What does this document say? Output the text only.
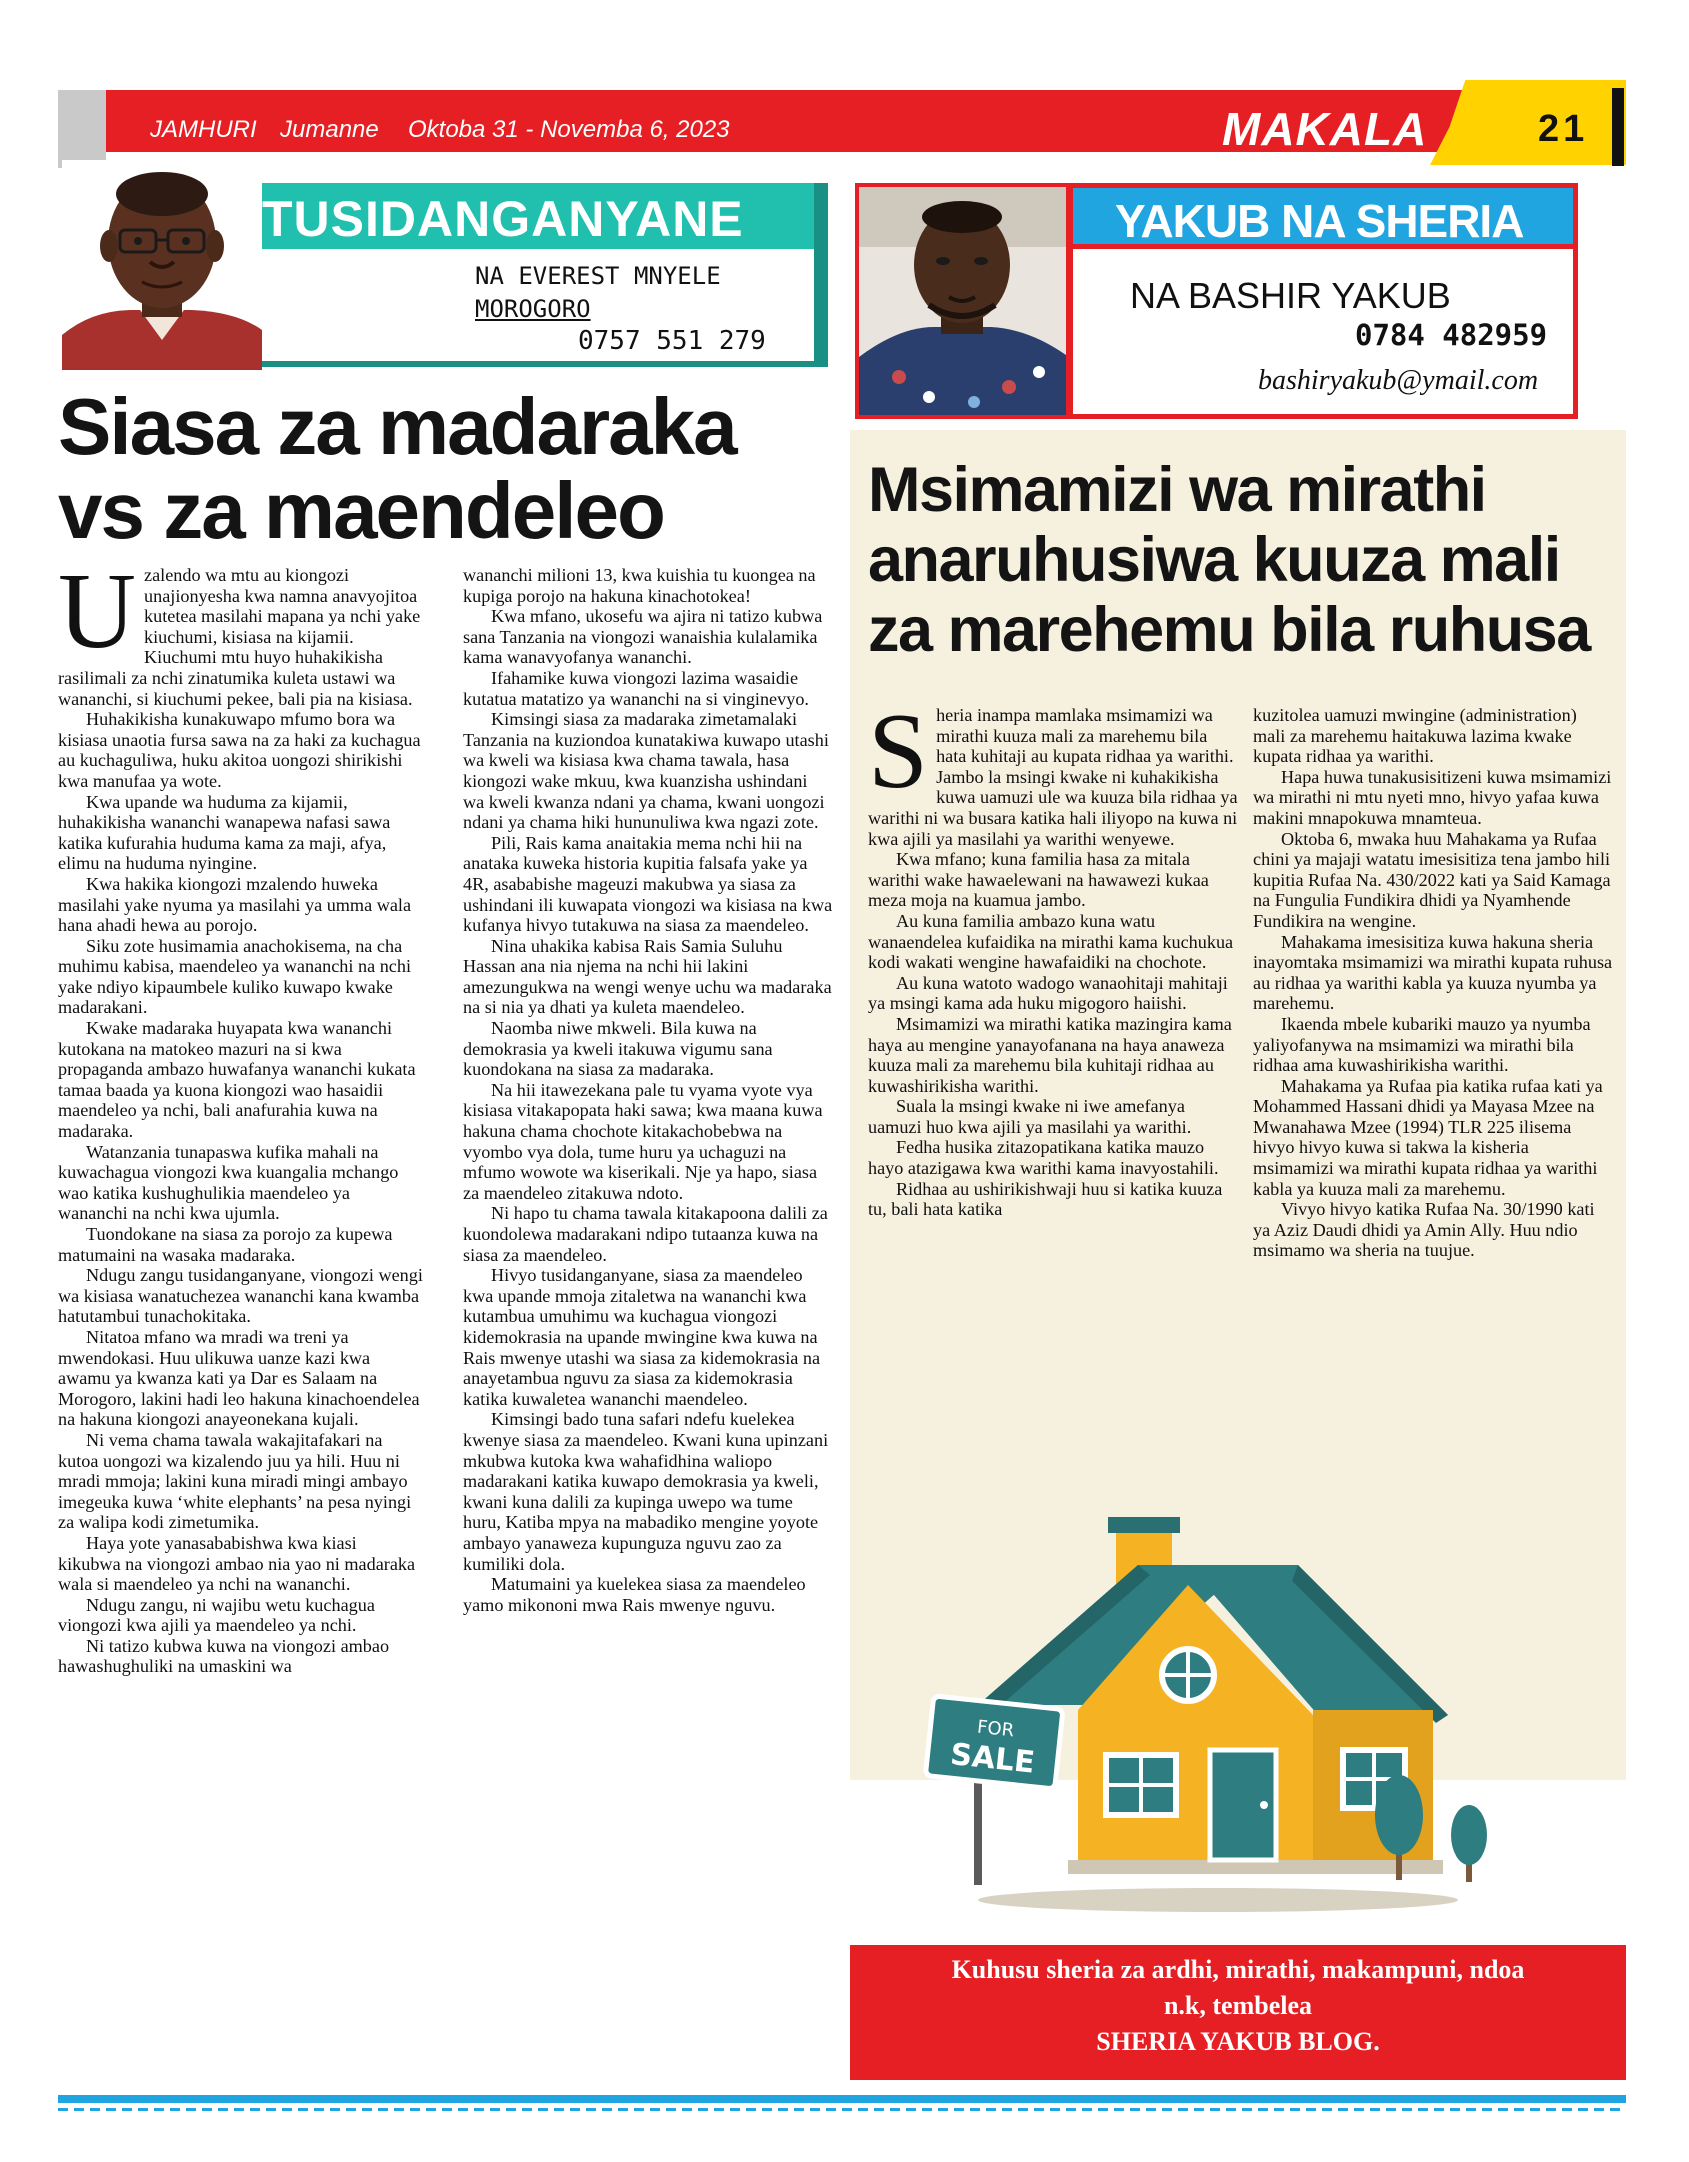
JAMHURI Jumanne Oktoba 31 - Novemba 6, 2023	MAKALA	21
TUSIDANGANYANE
NA EVEREST MNYELE
MOROGORO
0757 551 279
Siasa za madaraka vs za maendeleo

Uzalendo wa mtu au kiongozi unajionyesha kwa namna anavyojitoa kutetea masilahi mapana ya nchi yake kiuchumi, kisiasa na kijamii.

Kiuchumi mtu huyo huhakikisha rasilimali za nchi zinatumika kuleta ustawi wa wananchi, si kiuchumi pekee, bali pia na kisiasa.

Huhakikisha kunakuwapo mfumo bora wa kisiasa unaotia fursa sawa na za haki za kuchagua au kuchaguliwa, huku akitoa uongozi shirikishi kwa manufaa ya wote.

Kwa upande wa huduma za kijamii, huhakikisha wananchi wanapewa nafasi sawa katika kufurahia huduma kama za maji, afya, elimu na huduma nyingine.

Kwa hakika kiongozi mzalendo huweka masilahi yake nyuma ya masilahi ya umma wala hana ahadi hewa au porojo.

Siku zote husimamia anachokisema, na cha muhimu kabisa, maendeleo ya wananchi na nchi yake ndiyo kipaumbele kuliko kuwapo kwake madarakani.

Kwake madaraka huyapata kwa wananchi kutokana na matokeo mazuri na si kwa propaganda ambazo huwafanya wananchi kukata tamaa baada ya kuona kiongozi wao hasaidii maendeleo ya nchi, bali anafurahia kuwa na madaraka.

Watanzania tunapaswa kufika mahali na kuwachagua viongozi kwa kuangalia mchango wao katika kushughulikia maendeleo ya wananchi na nchi kwa ujumla.

Tuondokane na siasa za porojo za kupewa matumaini na wasaka madaraka.

Ndugu zangu tusidanganyane, viongozi wengi wa kisiasa wanatuchezea wananchi kana kwamba hatutambui tunachokitaka.

Nitatoa mfano wa mradi wa treni ya mwendokasi. Huu ulikuwa uanze kazi kwa awamu ya kwanza kati ya Dar es Salaam na Morogoro, lakini hadi leo hakuna kinachoendelea na hakuna kiongozi anayeonekana kujali.

Ni vema chama tawala wakajitafakari na kutoa uongozi wa kizalendo juu ya hili. Huu ni mradi mmoja; lakini kuna miradi mingi ambayo imegeuka kuwa ‘white elephants’ na pesa nyingi za walipa kodi zimetumika.

Haya yote yanasababishwa kwa kiasi kikubwa na viongozi ambao nia yao ni madaraka wala si maendeleo ya nchi na wananchi.

Ndugu zangu, ni wajibu wetu kuchagua viongozi kwa ajili ya maendeleo ya nchi.

Ni tatizo kubwa kuwa na viongozi ambao hawashughuliki na umaskini wa

wananchi milioni 13, kwa kuishia tu kuongea na kupiga porojo na hakuna kinachotokea!

Kwa mfano, ukosefu wa ajira ni tatizo kubwa sana Tanzania na viongozi wanaishia kulalamika kama wanavyofanya wananchi.

Ifahamike kuwa viongozi lazima wasaidie kutatua matatizo ya wananchi na si vinginevyo.

Kimsingi siasa za madaraka zimetamalaki Tanzania na kuziondoa kunatakiwa kuwapo utashi wa kweli wa kisiasa kwa chama tawala, hasa kiongozi wake mkuu, kwa kuanzisha ushindani wa kweli kwanza ndani ya chama, kwani uongozi ndani ya chama hiki hununuliwa kwa ngazi zote.

Pili, Rais kama anaitakia mema nchi hii na anataka kuweka historia kupitia falsafa yake ya 4R, asababishe mageuzi makubwa ya siasa za ushindani ili kuwapata viongozi wa kisiasa na kwa kufanya hivyo tutakuwa na siasa za maendeleo.

Nina uhakika kabisa Rais Samia Suluhu Hassan ana nia njema na nchi hii lakini amezungukwa na wengi wenye uchu wa madaraka na si nia ya dhati ya kuleta maendeleo.

Naomba niwe mkweli. Bila kuwa na demokrasia ya kweli itakuwa vigumu sana kuondokana na siasa za madaraka.

Na hii itawezekana pale tu vyama vyote vya kisiasa vitakapopata haki sawa; kwa maana kuwa hakuna chama chochote kitakachobebwa na vyombo vya dola, tume huru ya uchaguzi na mfumo wowote wa kiserikali. Nje ya hapo, siasa za maendeleo zitakuwa ndoto.

Ni hapo tu chama tawala kitakapoona dalili za kuondolewa madarakani ndipo tutaanza kuwa na siasa za maendeleo.

Hivyo tusidanganyane, siasa za maendeleo kwa upande mmoja zitaletwa na wananchi kwa kutambua umuhimu wa kuchagua viongozi kidemokrasia na upande mwingine kwa kuwa na Rais mwenye utashi wa siasa za kidemokrasia na anayetambua nguvu za siasa za kidemokrasia katika kuwaletea wananchi maendeleo.

Kimsingi bado tuna safari ndefu kuelekea kwenye siasa za maendeleo. Kwani kuna upinzani mkubwa kutoka kwa wahafidhina waliopo madarakani katika kuwapo demokrasia ya kweli, kwani kuna dalili za kupinga uwepo wa tume huru, Katiba mpya na mabadiko mengine yoyote ambayo yanaweza kupunguza nguvu zao za kumiliki dola.

Matumaini ya kuelekea siasa za maendeleo yamo mikononi mwa Rais mwenye nguvu.

YAKUB NA SHERIA
NA BASHIR YAKUB
0784 482959
bashiryakub@ymail.com
Msimamizi wa mirathi anaruhusiwa kuuza mali za marehemu bila ruhusa

Sheria inampa mamlaka msimamizi wa mirathi kuuza mali za marehemu bila hata kuhitaji au kupata ridhaa ya warithi.

Jambo la msingi kwake ni kuhakikisha kuwa uamuzi ule wa kuuza bila ridhaa ya warithi ni wa busara katika hali iliyopo na kuwa ni kwa ajili ya masilahi ya warithi wenyewe.

Kwa mfano; kuna familia hasa za mitala warithi wake hawaelewani na hawawezi kukaa meza moja na kuamua jambo.

Au kuna familia ambazo kuna watu wanaendelea kufaidika na mirathi kama kuchukua kodi wakati wengine hawafaidiki na chochote.

Au kuna watoto wadogo wanaohitaji mahitaji ya msingi kama ada huku migogoro haiishi.

Msimamizi wa mirathi katika mazingira kama haya au mengine yanayofanana na haya anaweza kuuza mali za marehemu bila kuhitaji ridhaa au kuwashirikisha warithi.

Suala la msingi kwake ni iwe amefanya uamuzi huo kwa ajili ya masilahi ya warithi.

Fedha husika zitazopatikana katika mauzo hayo atazigawa kwa warithi kama inavyostahili.

Ridhaa au ushirikishwaji huu si katika kuuza tu, bali hata katika

kuzitolea uamuzi mwingine (administration) mali za marehemu haitakuwa lazima kwake kupata ridhaa ya warithi.

Hapa huwa tunakusisitizeni kuwa msimamizi wa mirathi ni mtu nyeti mno, hivyo yafaa kuwa makini mnapokuwa mnamteua.

Oktoba 6, mwaka huu Mahakama ya Rufaa chini ya majaji watatu imesisitiza tena jambo hili kupitia Rufaa Na. 430/2022 kati ya Said Kamaga na Fungulia Fundikira dhidi ya Nyamhende Fundikira na wengine.

Mahakama imesisitiza kuwa hakuna sheria inayomtaka msimamizi wa mirathi kupata ruhusa au ridhaa ya warithi kabla ya kuuza nyumba ya marehemu.

Ikaenda mbele kubariki mauzo ya nyumba yaliyofanywa na msimamizi wa mirathi bila ridhaa ama kuwashirikisha warithi.

Mahakama ya Rufaa pia katika rufaa kati ya Mohammed Hassani dhidi ya Mayasa Mzee na Mwanahawa Mzee (1994) TLR 225 ilisema hivyo hivyo kuwa si takwa la kisheria msimamizi wa mirathi kupata ridhaa ya warithi kabla ya kuuza mali za marehemu.

Vivyo hivyo katika Rufaa Na. 30/1990 kati ya Aziz Daudi dhidi ya Amin Ally. Huu ndio msimamo wa sheria na tuujue.

FOR
SALE
Kuhusu sheria za ardhi, mirathi, makampuni, ndoa
n.k, tembelea
SHERIA YAKUB BLOG.
